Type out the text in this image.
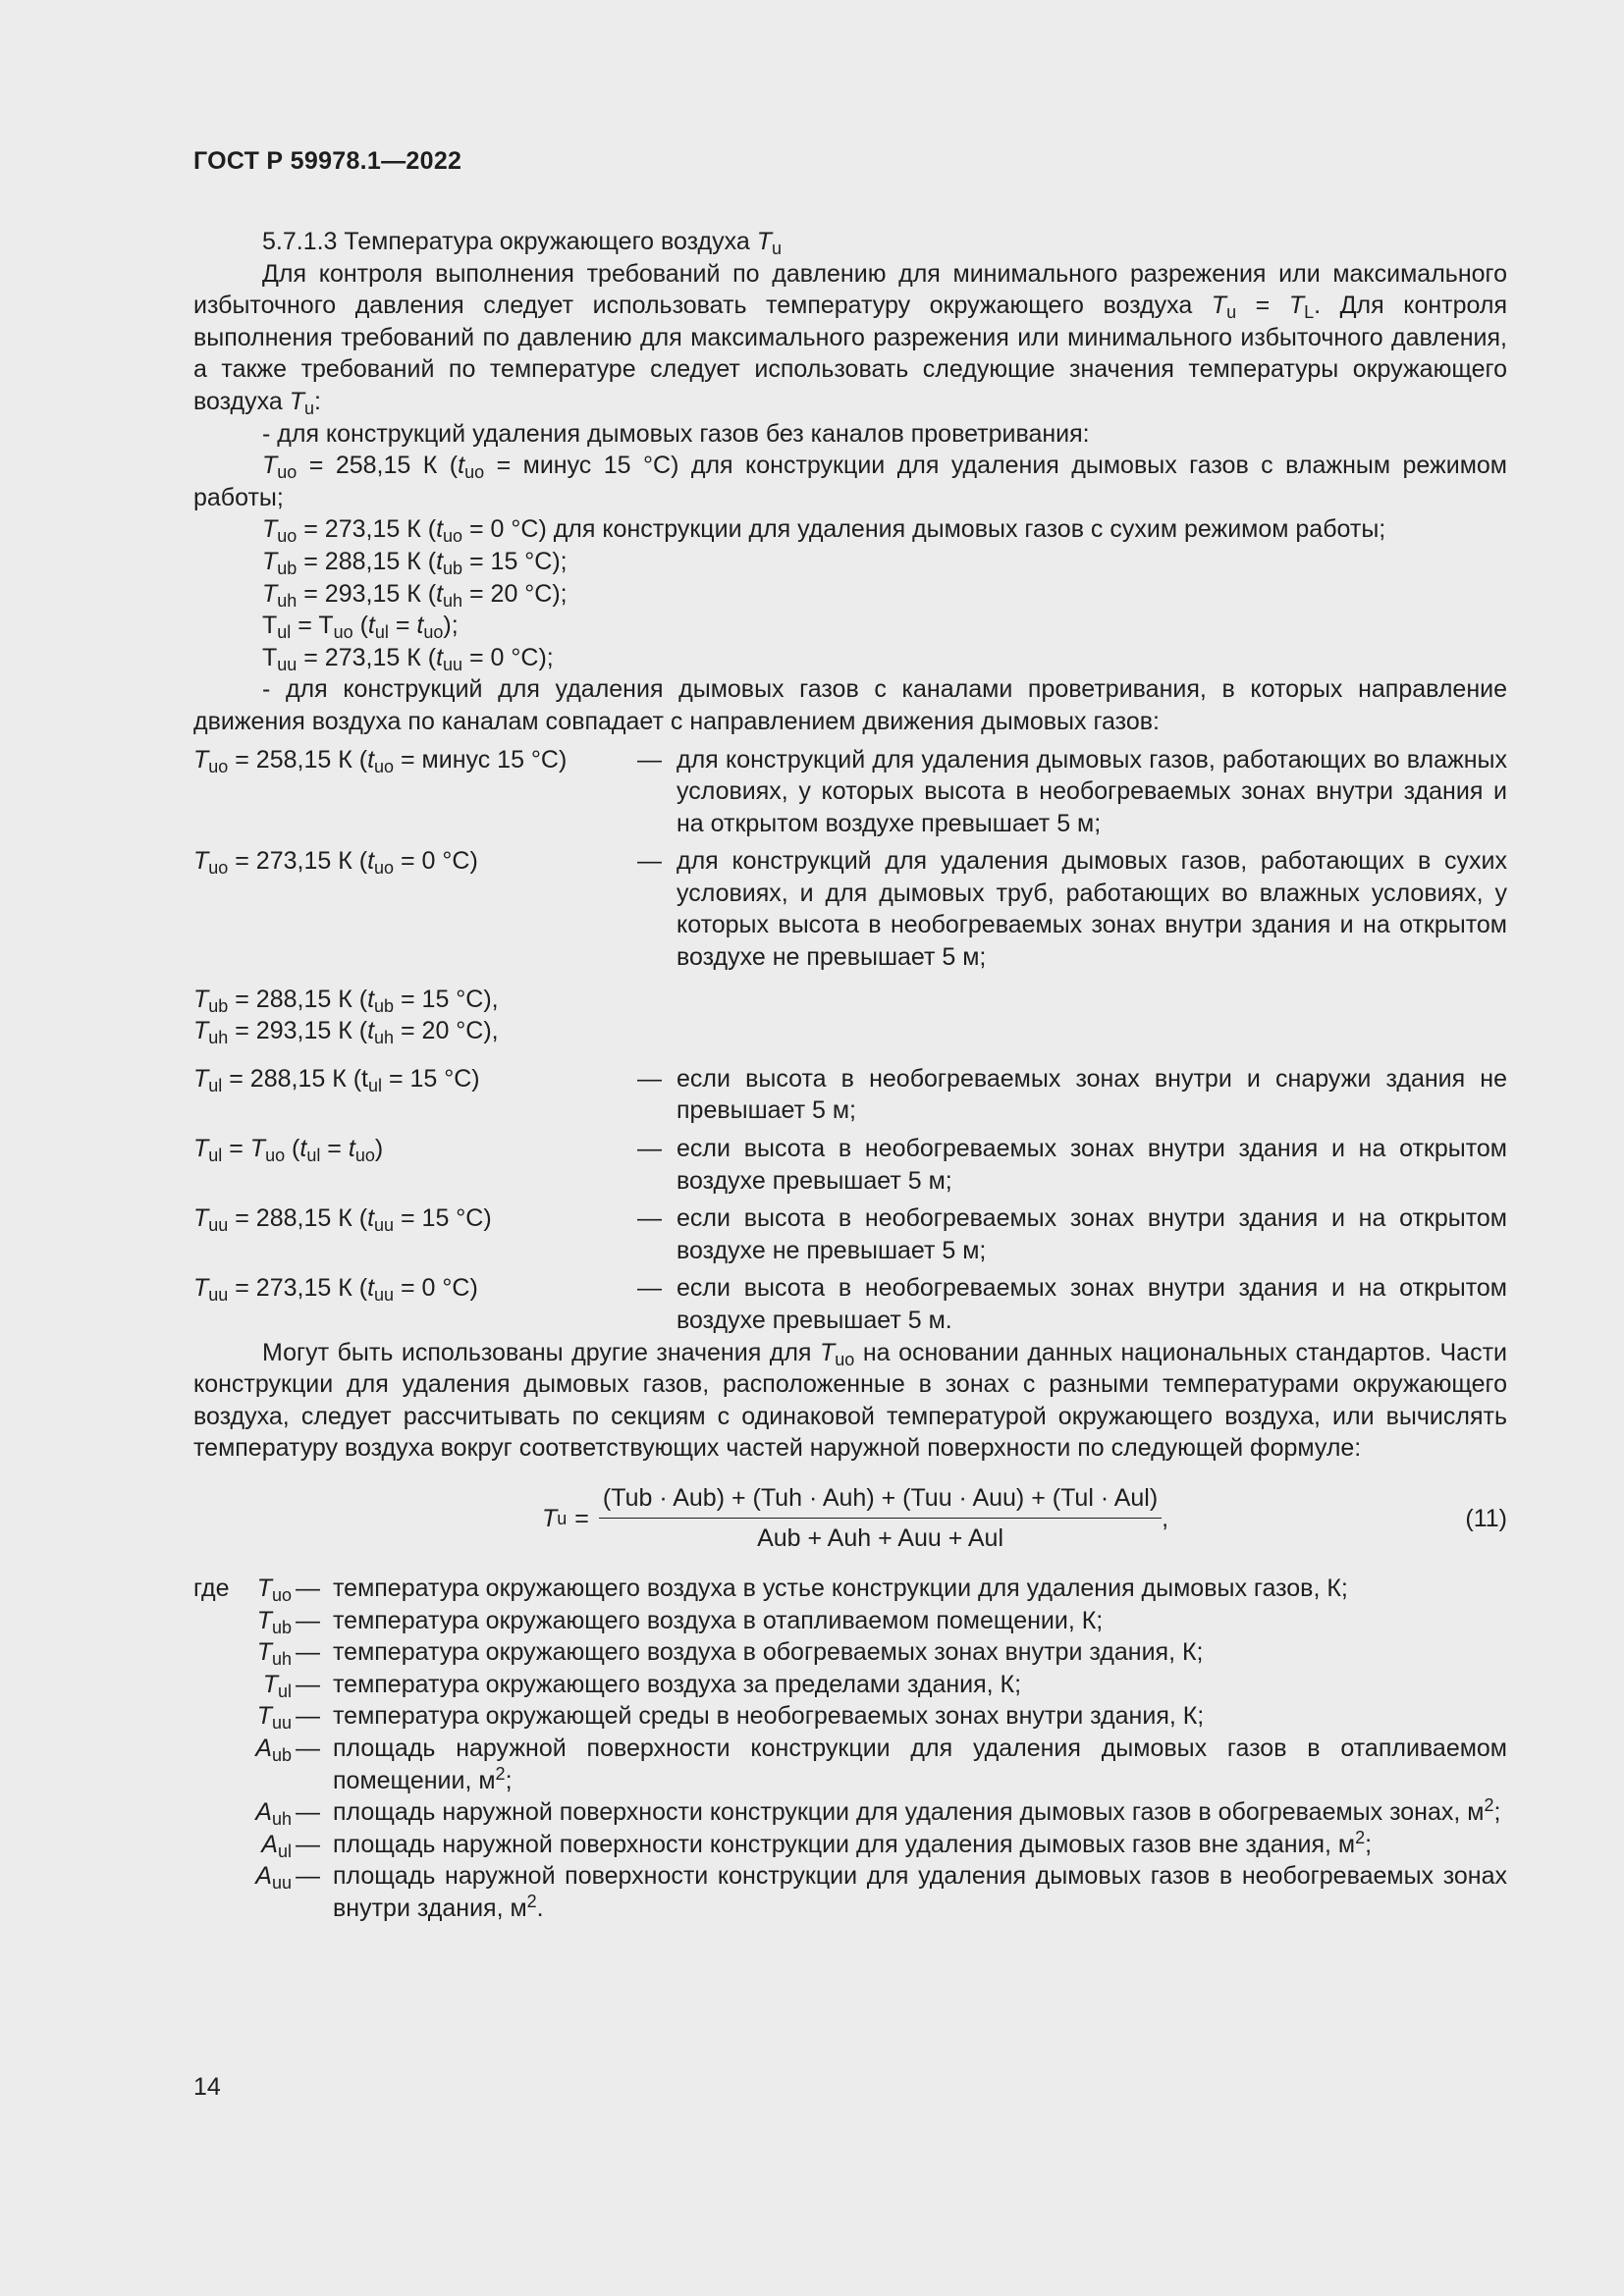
ГОСТ Р 59978.1—2022

5.7.1.3 Температура окружающего воздуха $T_u$

Для контроля выполнения требований по давлению для минимального разрежения или максимального избыточного давления следует использовать температуру окружающего воздуха $T_u = T_L$. Для контроля выполнения требований по давлению для максимального разрежения или минимального избыточного давления, а также требований по температуре следует использовать следующие значения температуры окружающего воздуха $T_u$:

- для конструкций удаления дымовых газов без каналов проветривания:

$T_{uo} = 258,15$ К ($t_{uo}$ = минус 15 °C) для конструкции для удаления дымовых газов с влажным режимом работы;

$T_{uo} = 273,15$ К ($t_{uo} = 0$ °C) для конструкции для удаления дымовых газов с сухим режимом работы;

$T_{ub} = 288,15$ К ($t_{ub} = 15$ °C);

$T_{uh} = 293,15$ К ($t_{uh} = 20$ °C);

$T_{ul} = T_{uo}$ $(t_{ul} = t_{uo})$;

$T_{uu} = 273,15$ К ($t_{uu} = 0$ °C);

- для конструкций для удаления дымовых газов с каналами проветривания, в которых направление движения воздуха по каналам совпадает с направлением движения дымовых газов:

$T_{uo} = 258,15$ К ($t_{uo}$ = минус 15 °C)	— для конструкций для удаления дымовых газов, работающих во влажных условиях, у которых высота в необогреваемых зонах внутри здания и на открытом воздухе превышает 5 м;
$T_{uo} = 273,15$ К ($t_{uo} = 0$ °C)	— для конструкций для удаления дымовых газов, работающих в сухих условиях, и для дымовых труб, работающих во влажных условиях, у которых высота в необогреваемых зонах внутри здания и на открытом воздухе не превышает 5 м;
$T_{ub} = 288,15$ К ($t_{ub} = 15$ °C),
$T_{uh} = 293,15$ К ($t_{uh} = 20$ °C),
$T_{ul} = 288,15$ К ($t_{ul} = 15$ °C)	— если высота в необогреваемых зонах внутри и снаружи здания не превышает 5 м;
$T_{ul} = T_{uo}$ $(t_{ul} = t_{uo})$	— если высота в необогреваемых зонах внутри здания и на открытом воздухе превышает 5 м;
$T_{uu} = 288,15$ К ($t_{uu} = 15$ °C)	— если высота в необогреваемых зонах внутри здания и на открытом воздухе не превышает 5 м;
$T_{uu} = 273,15$ К ($t_{uu} = 0$ °C)	— если высота в необогреваемых зонах внутри здания и на открытом воздухе превышает 5 м.

Могут быть использованы другие значения для $T_{uo}$ на основании данных национальных стандартов. Части конструкции для удаления дымовых газов, расположенные в зонах с разными температурами окружающего воздуха, следует рассчитывать по секциям с одинаковой температурой окружающего воздуха, или вычислять температуру воздуха вокруг соответствующих частей наружной поверхности по следующей формуле:

T $u = \frac{\text{(Tub · Aub) + (Tuh · Auh) + (Tuu · Auu) + (Tul · Aul)}}{\text{Aub + Auh + Auu + Aul}}$ ,	(11)
где $T_{uo}$ — температура окружающего воздуха в устье конструкции для удаления дымовых газов, К;
$T_{ub}$ — температура окружающего воздуха в отапливаемом помещении, К;
$T_{uh}$ — температура окружающего воздуха в обогреваемых зонах внутри здания, К;
$T_{ul}$ — температура окружающего воздуха за пределами здания, К;
$T_{uu}$ — температура окружающей среды в необогреваемых зонах внутри здания, К;
$A_{ub}$ — площадь наружной поверхности конструкции для удаления дымовых газов в отапливаемом помещении, $м^2$;
$A_{uh}$ — площадь наружной поверхности конструкции для удаления дымовых газов в обогреваемых зонах, $м^2$;
$A_{ul}$ — площадь наружной поверхности конструкции для удаления дымовых газов вне здания, $м^2$;
$A_{uu}$ — площадь наружной поверхности конструкции для удаления дымовых газов в необогреваемых зонах внутри здания, $м^2$.
14
